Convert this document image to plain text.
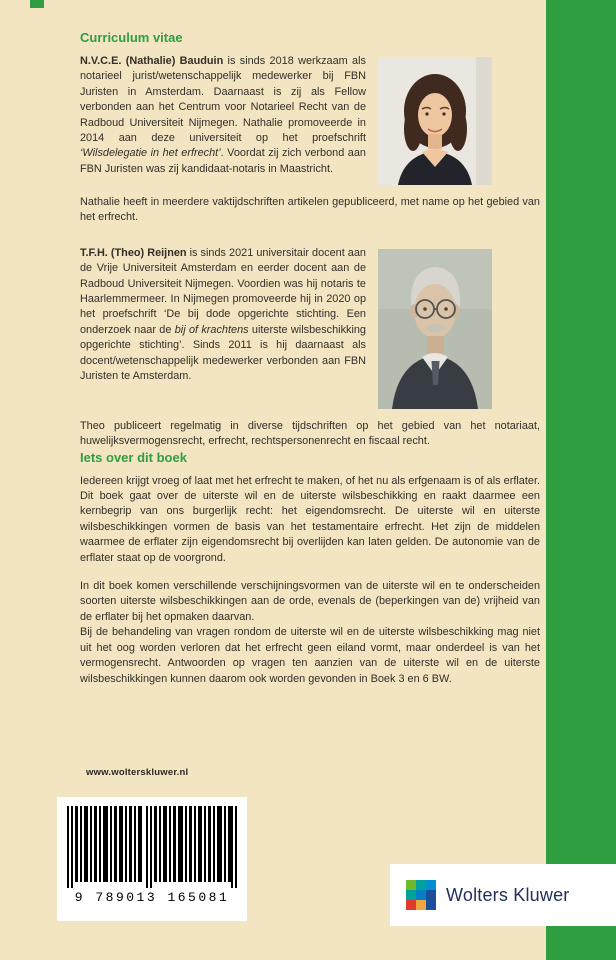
Curriculum vitae

N.V.C.E. (Nathalie) Bauduin is sinds 2018 werkzaam als notarieel jurist/wetenschappelijk medewerker bij FBN Juristen in Amsterdam. Daarnaast is zij als Fellow verbonden aan het Centrum voor Notarieel Recht van de Radboud Universiteit Nijmegen. Nathalie promoveerde in 2014 aan deze universiteit op het proefschrift ‘Wilsdelegatie in het erfrecht’. Voordat zij zich verbond aan FBN Juristen was zij kandidaat-notaris in Maastricht.

Nathalie heeft in meerdere vaktijdschriften artikelen gepubliceerd, met name op het gebied van het erfrecht.

T.F.H. (Theo) Reijnen is sinds 2021 universitair docent aan de Vrije Universiteit Amsterdam en eerder docent aan de Radboud Universiteit Nijmegen. Voordien was hij notaris te Haarlemmermeer. In Nijmegen promoveerde hij in 2020 op het proefschrift ‘De bij dode opgerichte stichting. Een onderzoek naar de bij of krachtens uiterste wilsbeschikking opgerichte stichting’. Sinds 2011 is hij daarnaast als docent/wetenschappelijk medewerker verbonden aan FBN Juristen te Amsterdam.

Theo publiceert regelmatig in diverse tijdschriften op het gebied van het notariaat, huwelijksvermogensrecht, erfrecht, rechtspersonenrecht en fiscaal recht.

Iets over dit boek

Iedereen krijgt vroeg of laat met het erfrecht te maken, of het nu als erfgenaam is of als erflater. Dit boek gaat over de uiterste wil en de uiterste wilsbeschikking en raakt daarmee een kernbegrip van ons burgerlijk recht: het eigendomsrecht. De uiterste wil en uiterste wilsbeschikkingen vormen de basis van het testamentaire erfrecht. Het zijn de middelen waarmee de erflater zijn eigendomsrecht bij overlijden kan laten gelden. De autonomie van de erflater staat op de voorgrond.

In dit boek komen verschillende verschijningsvormen van de uiterste wil en te onderscheiden soorten uiterste wilsbeschikkingen aan de orde, evenals de (beperkingen van de) vrijheid van de erflater bij het opmaken daarvan.

Bij de behandeling van vragen rondom de uiterste wil en de uiterste wilsbeschikking mag niet uit het oog worden verloren dat het erfrecht geen eiland vormt, maar onderdeel is van het vermogensrecht. Antwoorden op vragen ten aanzien van de uiterste wil en de uiterste wilsbeschikkingen kunnen daarom ook worden gevonden in Boek 3 en 6 BW.

www.wolterskluwer.nl
9 789013 165081	Wolters Kluwer
